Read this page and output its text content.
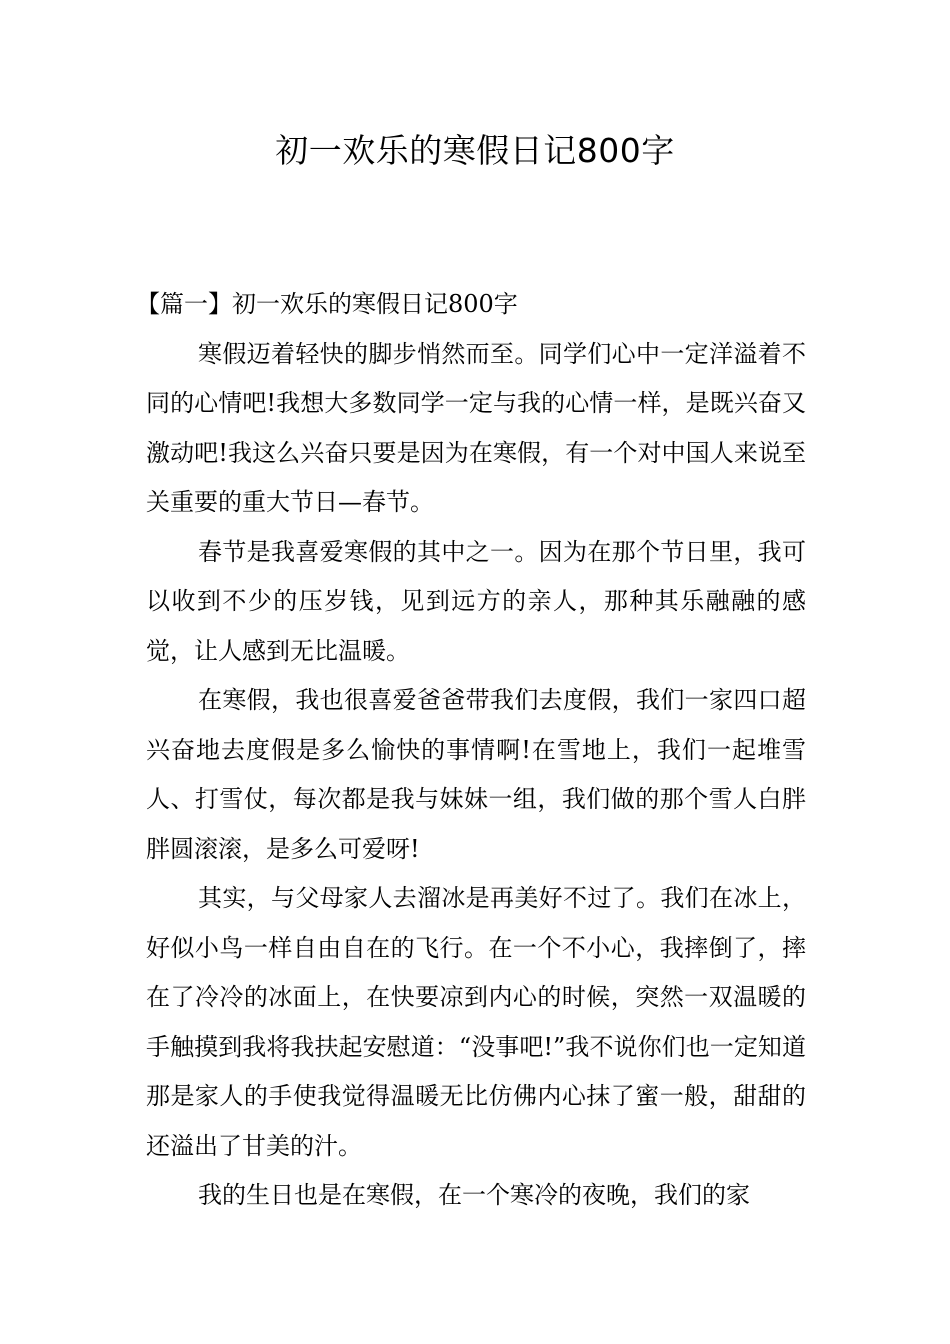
初一欢乐的寒假日记800字

【篇一】初一欢乐的寒假日记800字

寒假迈着轻快的脚步悄然而至。同学们心中一定洋溢着不同的心情吧!我想大多数同学一定与我的心情一样，是既兴奋又激动吧!我这么兴奋只要是因为在寒假，有一个对中国人来说至关重要的重大节日—春节。

春节是我喜爱寒假的其中之一。因为在那个节日里，我可以收到不少的压岁钱，见到远方的亲人，那种其乐融融的感觉，让人感到无比温暖。

在寒假，我也很喜爱爸爸带我们去度假，我们一家四口超兴奋地去度假是多么愉快的事情啊!在雪地上，我们一起堆雪人、打雪仗，每次都是我与妹妹一组，我们做的那个雪人白胖胖圆滚滚，是多么可爱呀!

其实，与父母家人去溜冰是再美好不过了。我们在冰上，好似小鸟一样自由自在的飞行。在一个不小心，我摔倒了，摔在了冷冷的冰面上，在快要凉到内心的时候，突然一双温暖的手触摸到我将我扶起安慰道：“没事吧!”我不说你们也一定知道那是家人的手使我觉得温暖无比仿佛内心抹了蜜一般，甜甜的还溢出了甘美的汁。

我的生日也是在寒假，在一个寒冷的夜晚，我们的家
